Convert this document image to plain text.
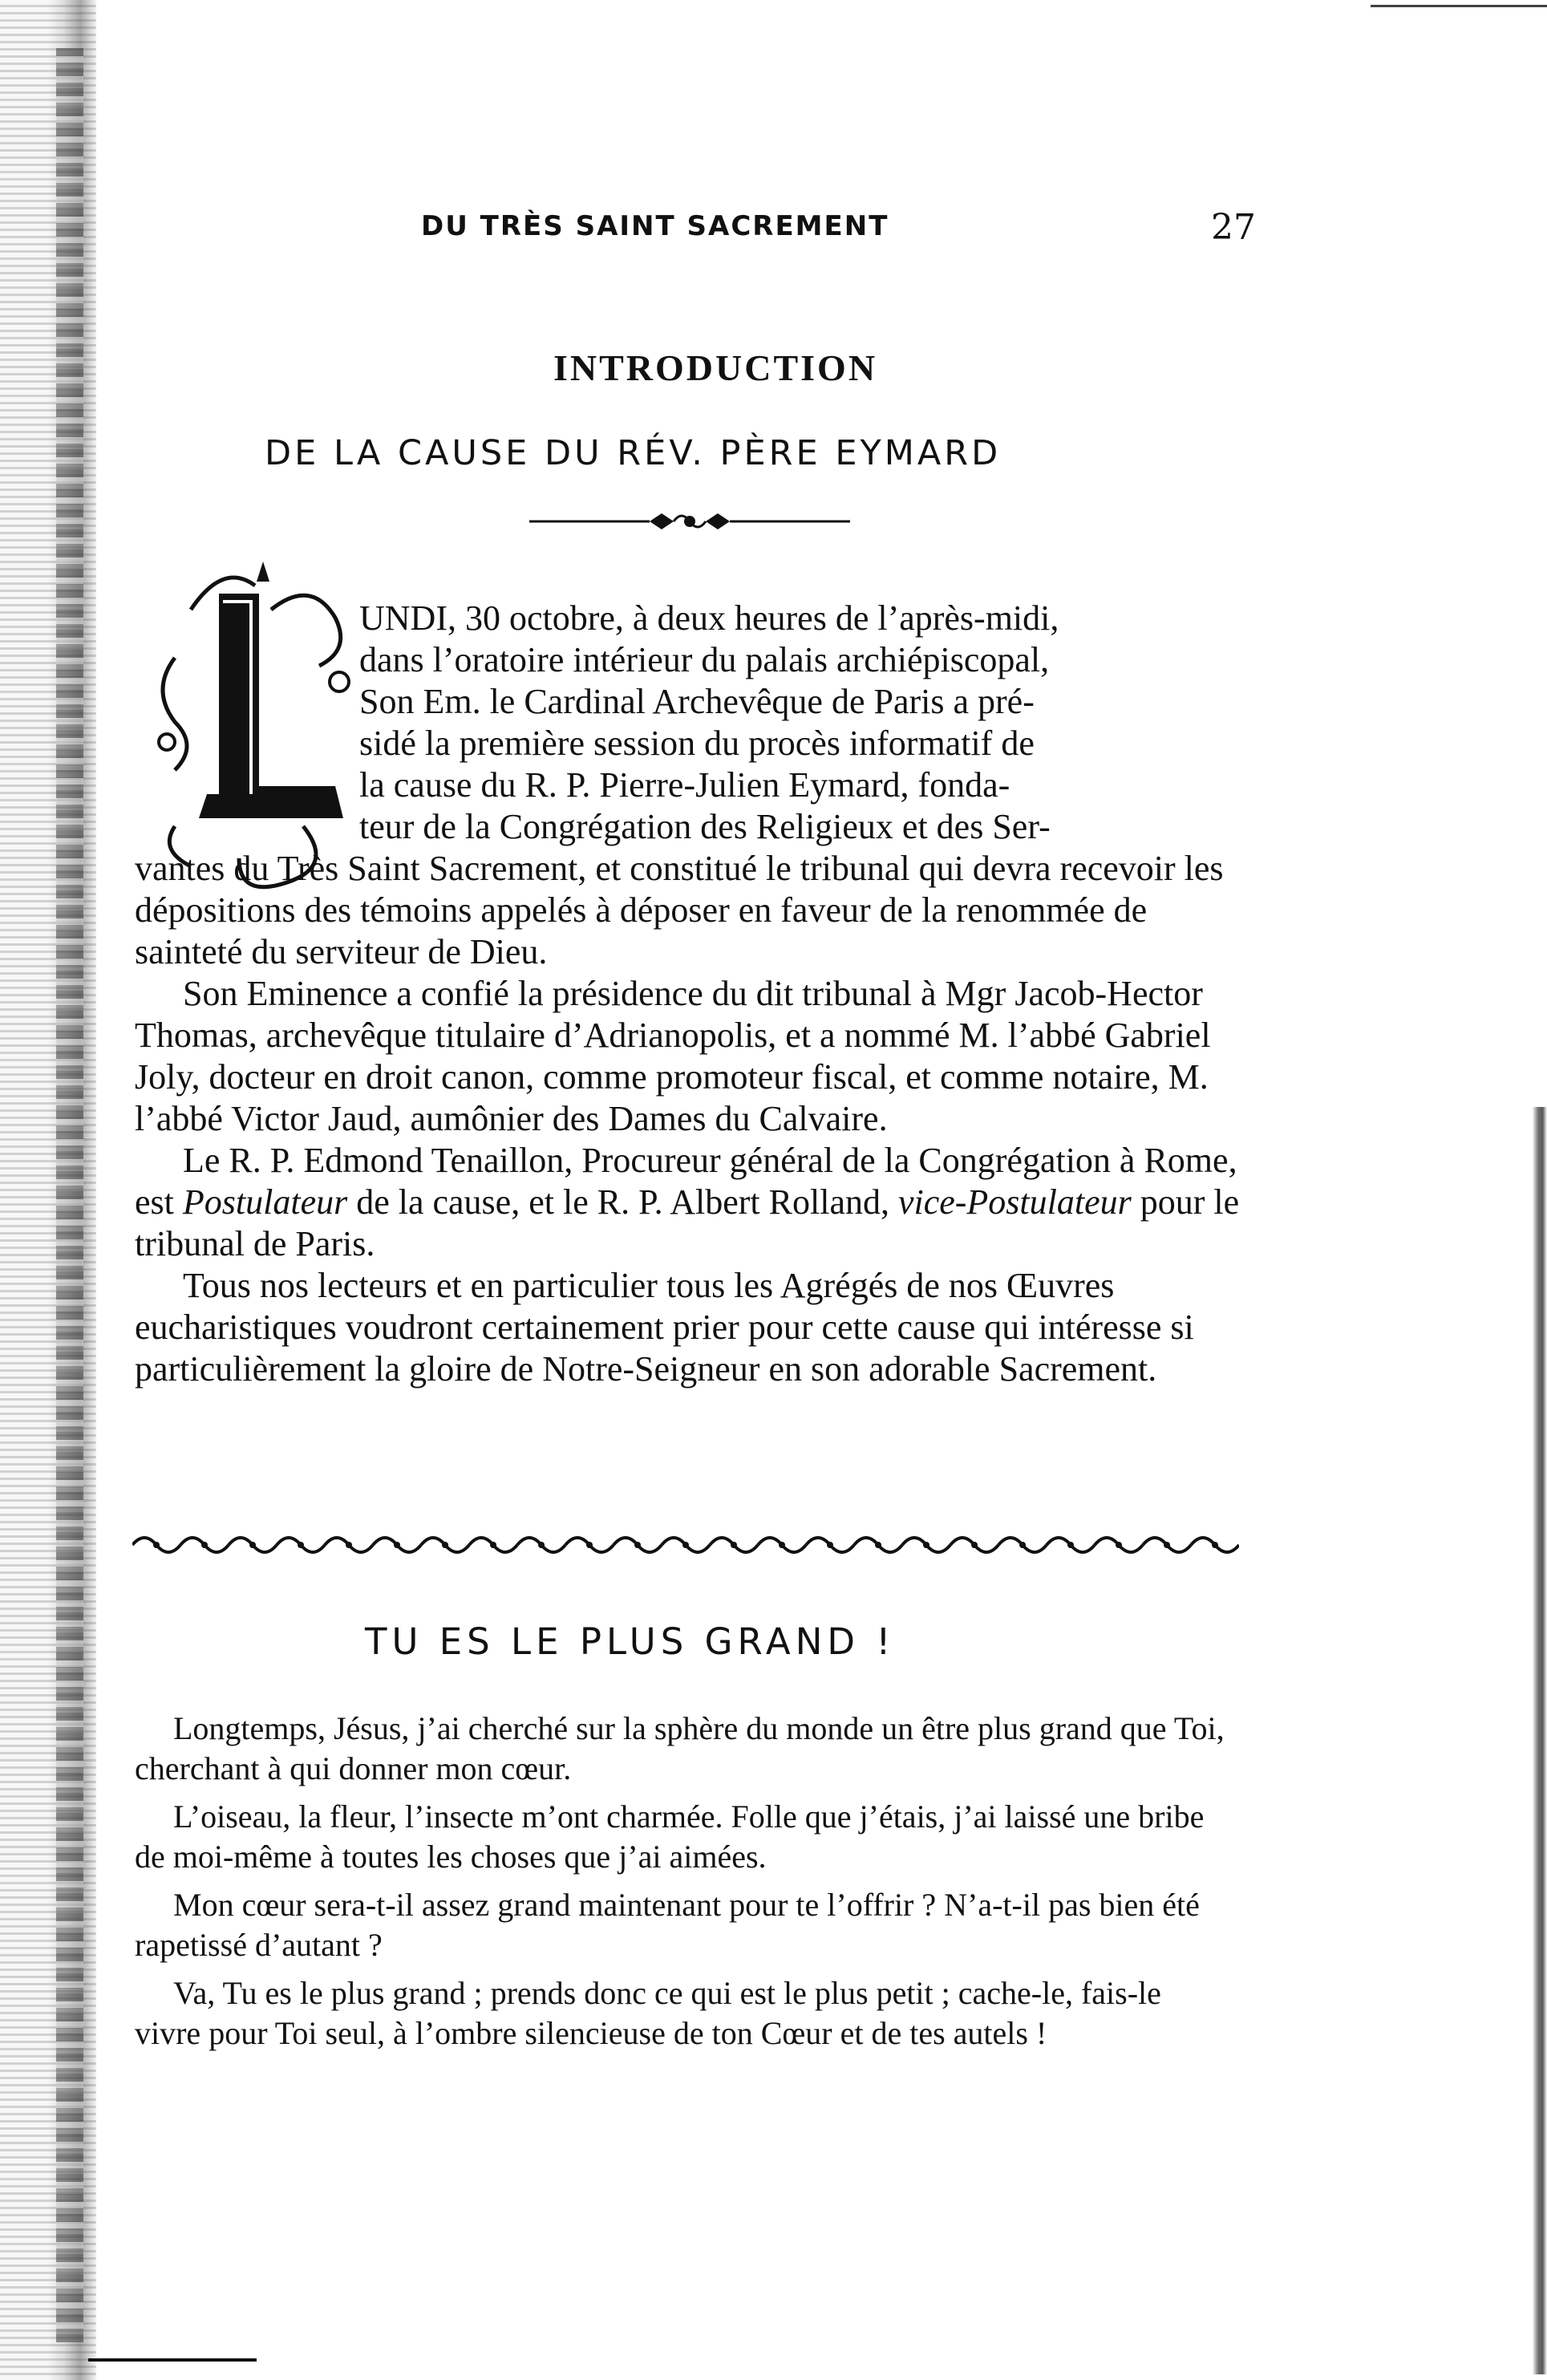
DU TRÈS SAINT SACREMENT	27
INTRODUCTION
DE LA CAUSE DU RÉV. PÈRE EYMARD
UNDI, 30 octobre, à deux heures de l’après-midi,
dans l’oratoire intérieur du palais archiépiscopal,
Son Em. le Cardinal Archevêque de Paris a pré-
sidé la première session du procès informatif de
la cause du R. P. Pierre-Julien Eymard, fonda-
teur de la Congrégation des Religieux et des Ser-

vantes du Très Saint Sacrement, et constitué le tribunal qui devra recevoir les dépositions des témoins appelés à déposer en faveur de la renommée de sainteté du serviteur de Dieu.

Son Eminence a confié la présidence du dit tribunal à Mgr Jacob-Hector Thomas, archevêque titulaire d’Adrianopolis, et a nommé M. l’abbé Gabriel Joly, docteur en droit canon, comme promoteur fiscal, et comme notaire, M. l’abbé Victor Jaud, aumônier des Dames du Calvaire.

Le R. P. Edmond Tenaillon, Procureur général de la Congrégation à Rome, est Postulateur de la cause, et le R. P. Albert Rolland, vice-Postulateur pour le tribunal de Paris.

Tous nos lecteurs et en particulier tous les Agrégés de nos Œuvres eucharistiques voudront certainement prier pour cette cause qui intéresse si particulièrement la gloire de Notre-Seigneur en son adorable Sacrement.

TU ES LE PLUS GRAND !

Longtemps, Jésus, j’ai cherché sur la sphère du monde un être plus grand que Toi, cherchant à qui donner mon cœur.

L’oiseau, la fleur, l’insecte m’ont charmée. Folle que j’étais, j’ai laissé une bribe de moi-même à toutes les choses que j’ai aimées.

Mon cœur sera-t-il assez grand maintenant pour te l’offrir ? N’a-t-il pas bien été rapetissé d’autant ?

Va, Tu es le plus grand ; prends donc ce qui est le plus petit ; cache-le, fais-le vivre pour Toi seul, à l’ombre silencieuse de ton Cœur et de tes autels !
